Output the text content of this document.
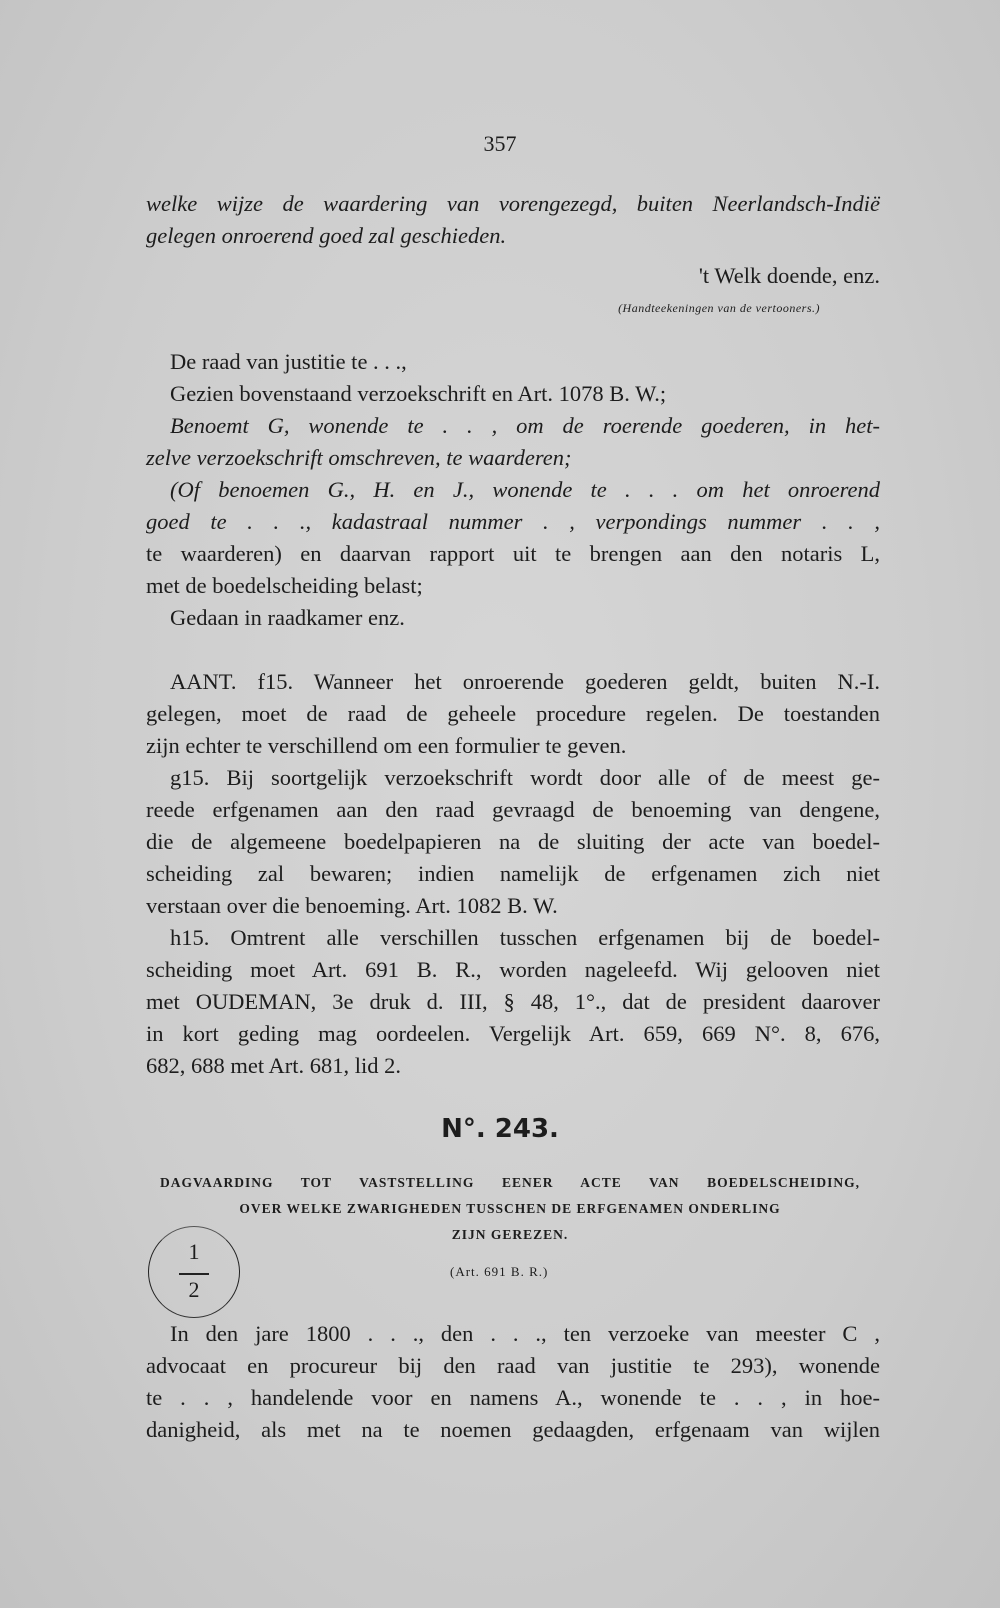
357
welke wijze de waardering van vorengezegd, buiten Neerlandsch-Indië
gelegen onroerend goed zal geschieden.
't Welk doende, enz.
(Handteekeningen van de vertooners.)
De raad van justitie te . . .,
Gezien bovenstaand verzoekschrift en Art. 1078 B. W.;
Benoemt G, wonende te . . , om de roerende goederen, in het-
zelve verzoekschrift omschreven, te waarderen;
(Of benoemen G., H. en J., wonende te . . . om het onroerend
goed te . . ., kadastraal nummer . , verpondings nummer . . ,
te waarderen) en daarvan rapport uit te brengen aan den notaris L,
met de boedelscheiding belast;
Gedaan in raadkamer enz.
AANT. f15. Wanneer het onroerende goederen geldt, buiten N.-I.
gelegen, moet de raad de geheele procedure regelen. De toestanden
zijn echter te verschillend om een formulier te geven.
g15. Bij soortgelijk verzoekschrift wordt door alle of de meest ge-
reede erfgenamen aan den raad gevraagd de benoeming van dengene,
die de algemeene boedelpapieren na de sluiting der acte van boedel-
scheiding zal bewaren; indien namelijk de erfgenamen zich niet
verstaan over die benoeming. Art. 1082 B. W.
h15. Omtrent alle verschillen tusschen erfgenamen bij de boedel-
scheiding moet Art. 691 B. R., worden nageleefd. Wij gelooven niet
met OUDEMAN, 3e druk d. III, § 48, 1°., dat de president daarover
in kort geding mag oordeelen. Vergelijk Art. 659, 669 N°. 8, 676,
682, 688 met Art. 681, lid 2.
N°. 243.
DAGVAARDING TOT VASTSTELLING EENER ACTE VAN BOEDELSCHEIDING,
OVER WELKE ZWARIGHEDEN TUSSCHEN DE ERFGENAMEN ONDERLING
ZIJN GEREZEN.
1
2
(Art. 691 B. R.)
In den jare 1800 . . ., den . . ., ten verzoeke van meester C ,
advocaat en procureur bij den raad van justitie te 293), wonende
te . . , handelende voor en namens A., wonende te . . , in hoe-
danigheid, als met na te noemen gedaagden, erfgenaam van wijlen
